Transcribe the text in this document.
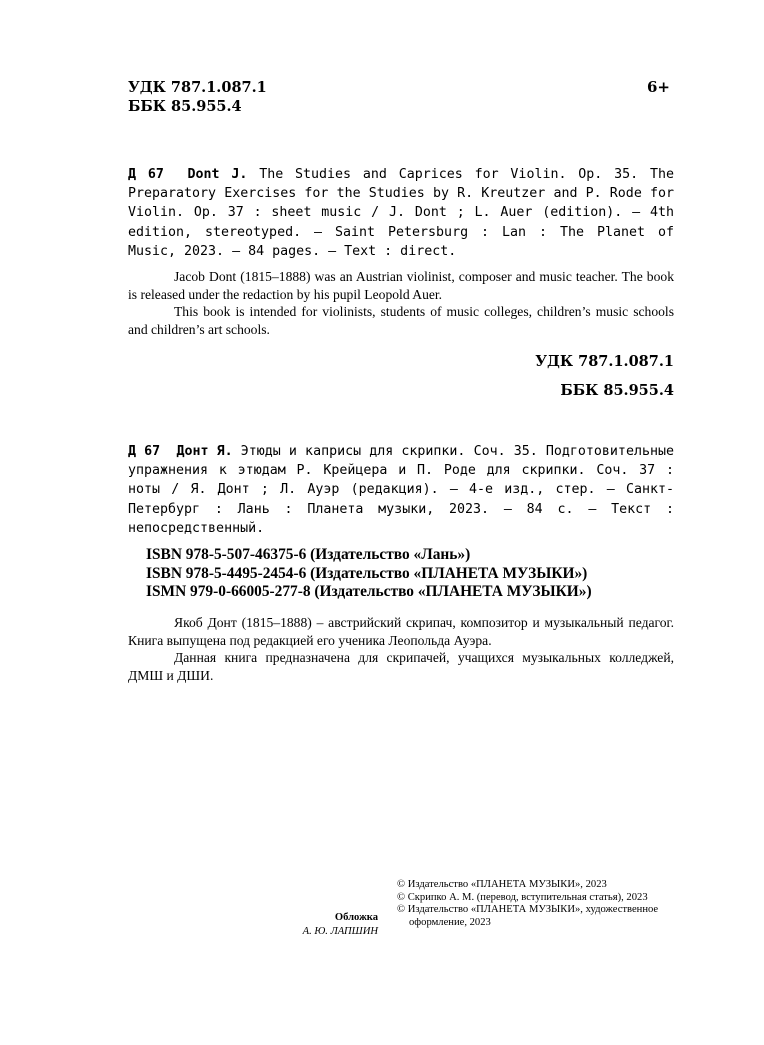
УДК 787.1.087.1
ББК 85.955.4
6+
Д 67 Dont J. The Studies and Caprices for Violin. Op. 35. The Preparatory Exercises for the Studies by R. Kreutzer and P. Rode for Violin. Op. 37 : sheet music / J. Dont ; L. Auer (edition). — 4th edition, stereotyped. — Saint Petersburg : Lan : The Planet of Music, 2023. — 84 pages. — Text : direct.

Jacob Dont (1815–1888) was an Austrian violinist, composer and music teacher. The book is released under the redaction by his pupil Leopold Auer.

This book is intended for violinists, students of music colleges, children’s music schools and children’s art schools.

УДК 787.1.087.1
ББК 85.955.4
Д 67 Донт Я. Этюды и каприсы для скрипки. Соч. 35. Подготовительные упражнения к этюдам Р. Крейцера и П. Роде для скрипки. Соч. 37 : ноты / Я. Донт ; Л. Ауэр (редакция). — 4-е изд., стер. — Санкт-Петербург : Лань : Планета музыки, 2023. — 84 с. — Текст : непосредственный.
ISBN 978-5-507-46375-6 (Издательство «Лань»)
ISBN 978-5-4495-2454-6 (Издательство «ПЛАНЕТА МУЗЫКИ»)
ISMN 979-0-66005-277-8 (Издательство «ПЛАНЕТА МУЗЫКИ»)

Якоб Донт (1815–1888) – австрийский скрипач, композитор и музыкальный педагог. Книга выпущена под редакцией его ученика Леопольда Ауэра.

Данная книга предназначена для скрипачей, учащихся музыкальных колледжей, ДМШ и ДШИ.

Обложка
А. Ю. ЛАПШИН
© Издательство «ПЛАНЕТА МУЗЫКИ», 2023
© Скрипко А. М. (перевод, вступительная статья), 2023
© Издательство «ПЛАНЕТА МУЗЫКИ», художественное оформление, 2023
